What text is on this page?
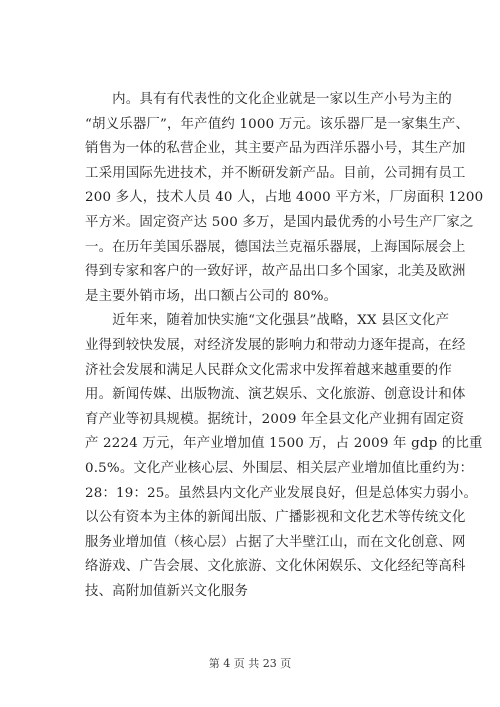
　　内。具有有代表性的文化企业就是一家以生产小号为主的
“胡义乐器厂”，年产值约 1000 万元。该乐器厂是一家集生产、
销售为一体的私营企业，其主要产品为西洋乐器小号，其生产加
工采用国际先进技术，并不断研发新产品。目前，公司拥有员工
200 多人，技术人员 40 人，占地 4000 平方米，厂房面积 1200
平方米。固定资产达 500 多万，是国内最优秀的小号生产厂家之
一。在历年美国乐器展，德国法兰克福乐器展，上海国际展会上
得到专家和客户的一致好评，故产品出口多个国家，北美及欧洲
是主要外销市场，出口额占公司的 80%。
　　近年来，随着加快实施“文化强县”战略，XX 县区文化产
业得到较快发展，对经济发展的影响力和带动力逐年提高，在经
济社会发展和满足人民群众文化需求中发挥着越来越重要的作
用。新闻传媒、出版物流、演艺娱乐、文化旅游、创意设计和体
育产业等初具规模。据统计，2009 年全县文化产业拥有固定资
产 2224 万元，年产业增加值 1500 万，占 2009 年 gdp 的比重
0.5%。文化产业核心层、外围层、相关层产业增加值比重约为：
28：19：25。虽然县内文化产业发展良好，但是总体实力弱小。
以公有资本为主体的新闻出版、广播影视和文化艺术等传统文化
服务业增加值（核心层）占据了大半壁江山，而在文化创意、网
络游戏、广告会展、文化旅游、文化休闲娱乐、文化经纪等高科
技、高附加值新兴文化服务
第 4 页 共 23 页
